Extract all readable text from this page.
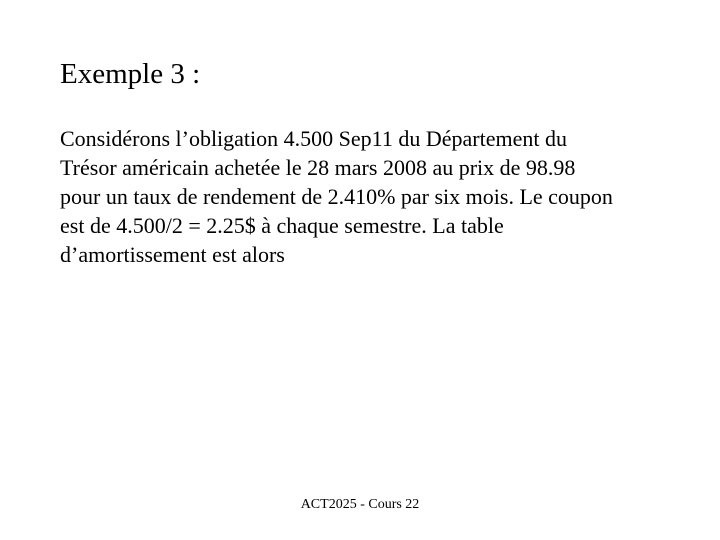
Exemple 3 :

Considérons l’obligation 4.500 Sep11 du Département du
Trésor américain achetée le 28 mars 2008 au prix de 98.98
pour un taux de rendement de 2.410% par six mois. Le coupon
est de 4.500/2 = 2.25$ à chaque semestre. La table
d’amortissement est alors

ACT2025 - Cours 22
